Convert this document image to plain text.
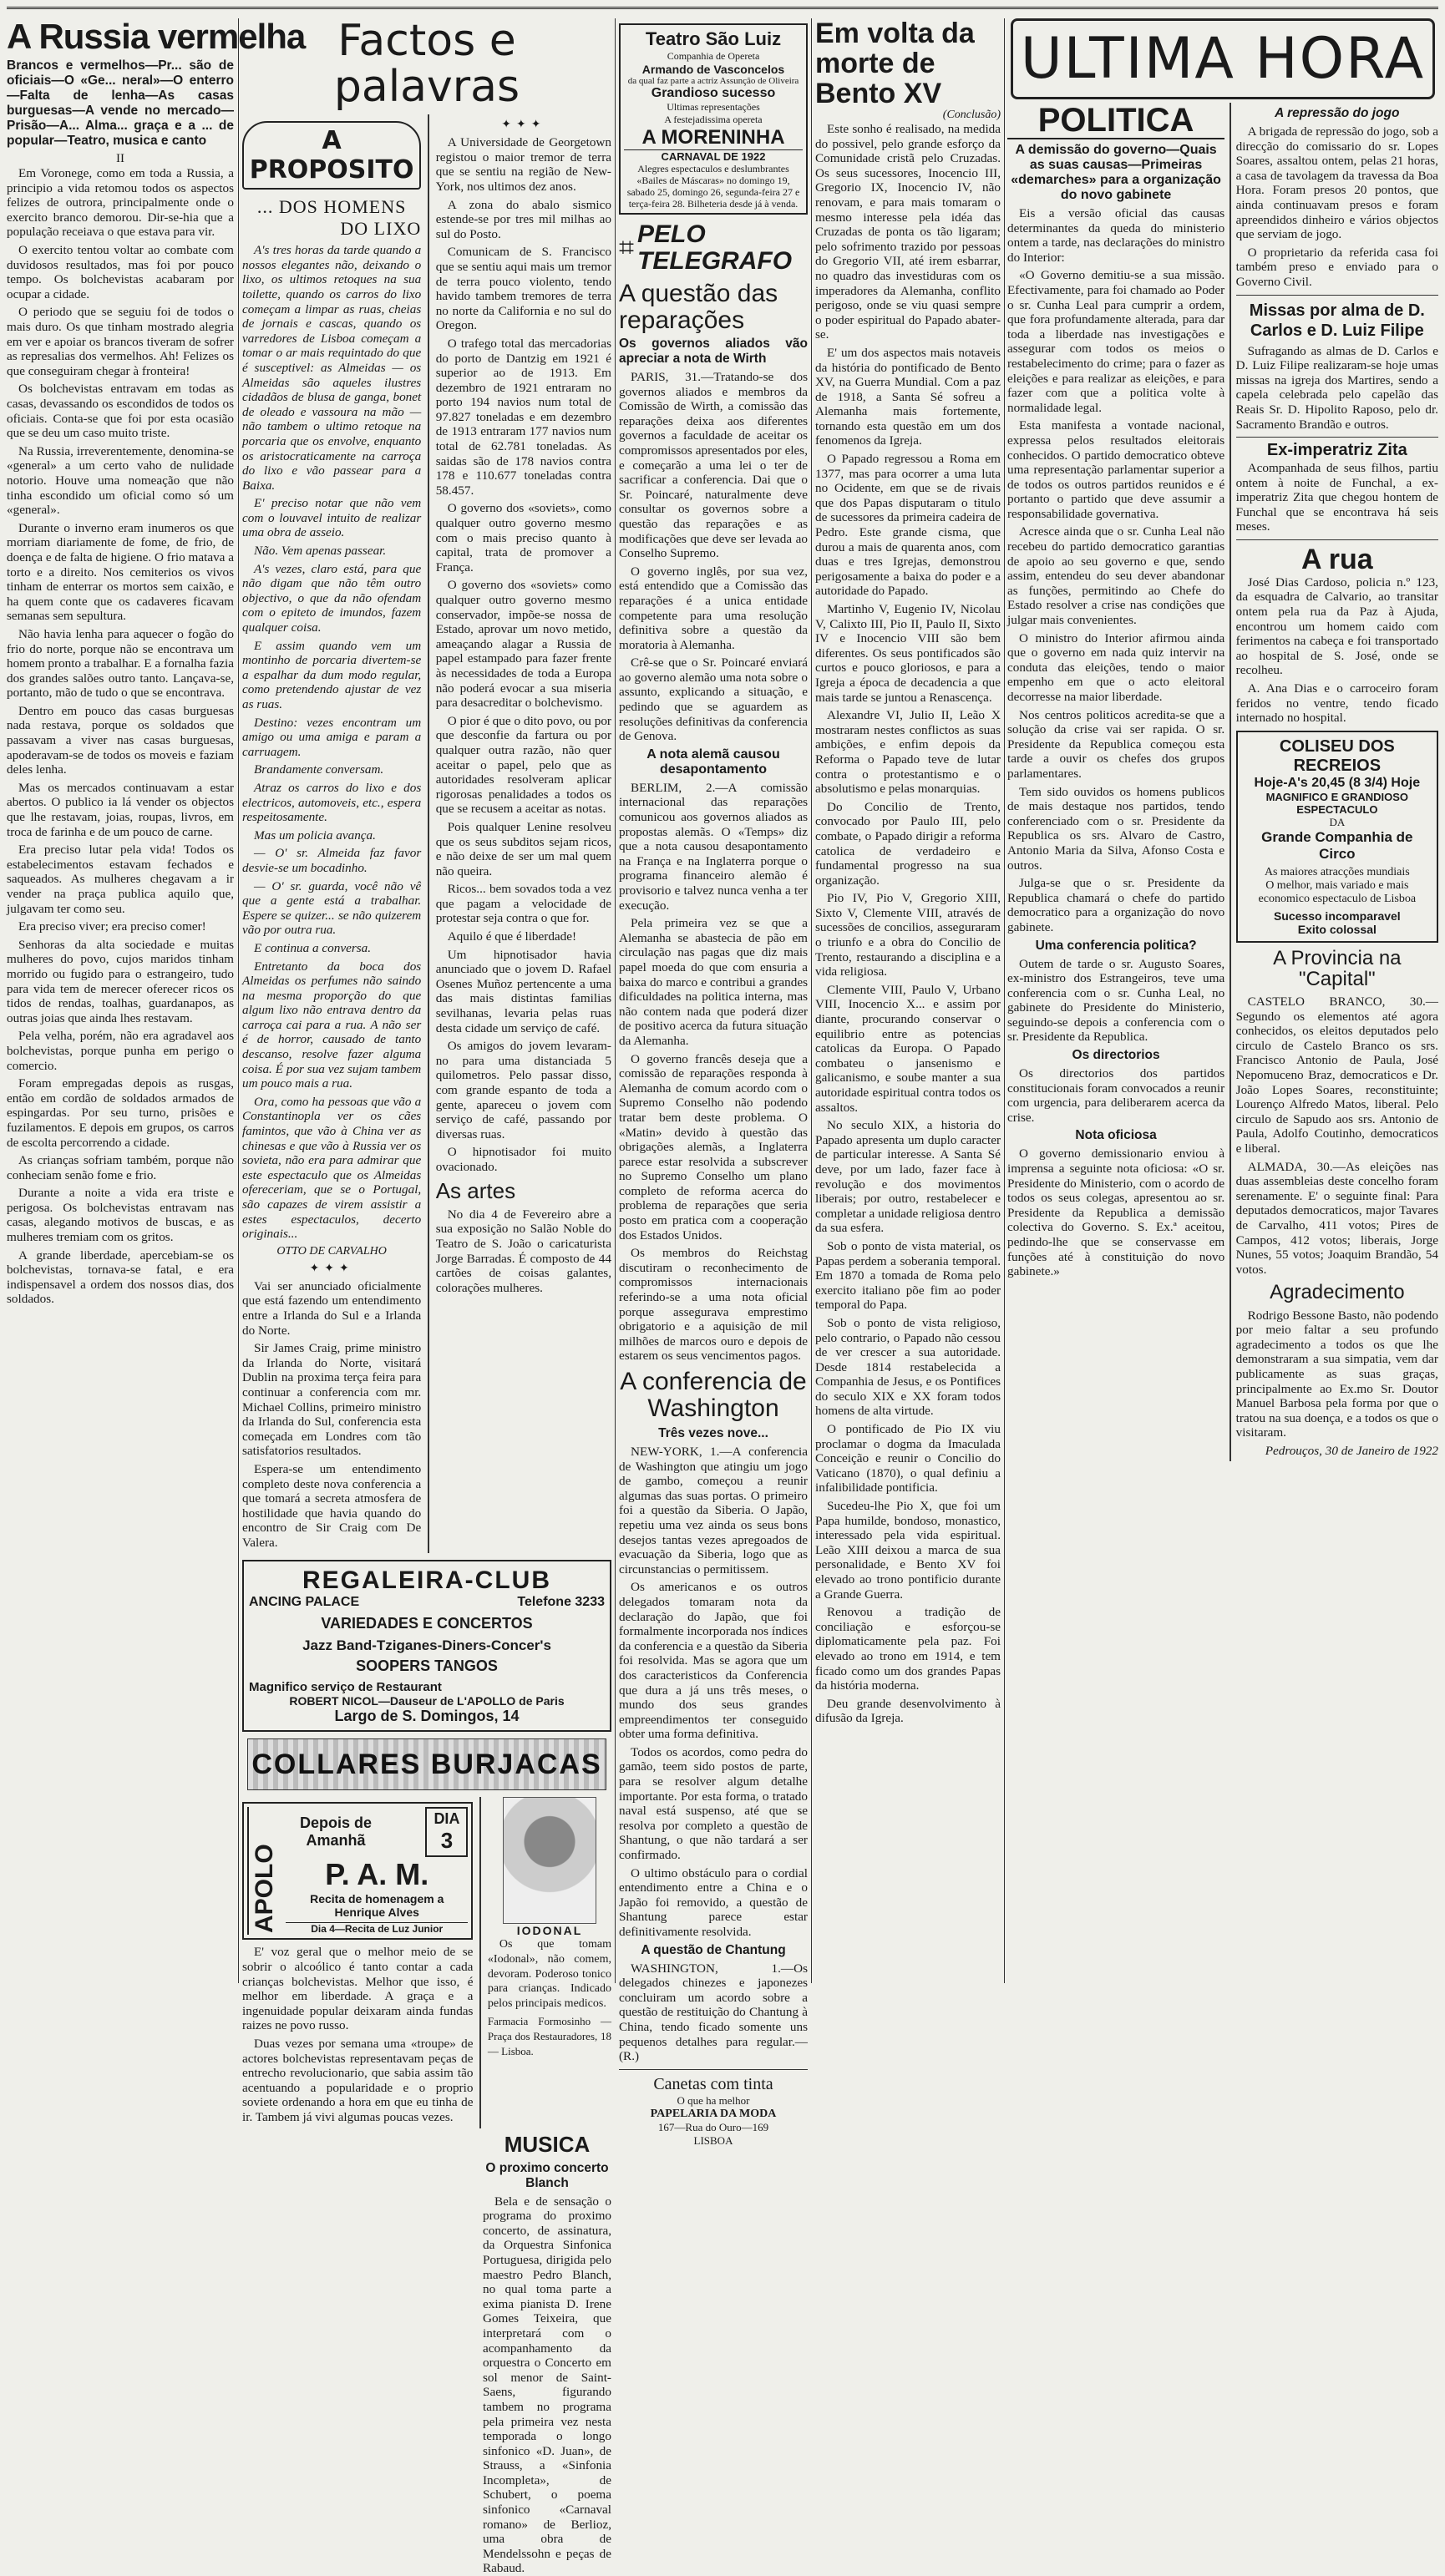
A Russia vermelha

Brancos e vermelhos—Pr... são de oficiais—O «Ge... neral»—O enterro—Falta de lenha—As casas burguesas—A vende no mercado—Prisão—A... Alma... graça e a ... de popular—Teatro, musica e canto

II

Em Voronege, como em toda a Russia, a principio a vida retomou todos os aspectos felizes de outrora, principalmente onde o exercito branco demorou. Dir-se-hia que a população receiava o que estava para vir.

O exercito tentou voltar ao combate com duvidosos resultados, mas foi por pouco tempo. Os bolchevistas acabaram por ocupar a cidade.

O periodo que se seguiu foi de todos o mais duro. Os que tinham mostrado alegria em ver e apoiar os brancos tiveram de sofrer as represalias dos vermelhos. Ah! Felizes os que conseguiram chegar à fronteira!

Os bolchevistas entravam em todas as casas, devassando os escondidos de todos os oficiais. Conta-se que foi por esta ocasião que se deu um caso muito triste.

Na Russia, irreverentemente, denomina-se «general» a um certo vaho de nulidade notorio. Houve uma nomeação que não tinha escondido um oficial como só um «general».

Durante o inverno eram inumeros os que morriam diariamente de fome, de frio, de doença e de falta de higiene. O frio matava a torto e a direito. Nos cemiterios os vivos tinham de enterrar os mortos sem caixão, e ha quem conte que os cadaveres ficavam semanas sem sepultura.

Não havia lenha para aquecer o fogão do frio do norte, porque não se encontrava um homem pronto a trabalhar. E a fornalha fazia dos grandes salões outro tanto. Lançava-se, portanto, mão de tudo o que se encontrava.

Dentro em pouco das casas burguesas nada restava, porque os soldados que passavam a viver nas casas burguesas, apoderavam-se de todos os moveis e faziam deles lenha.

Mas os mercados continuavam a estar abertos. O publico ia lá vender os objectos que lhe restavam, joias, roupas, livros, em troca de farinha e de um pouco de carne.

Era preciso lutar pela vida! Todos os estabelecimentos estavam fechados e saqueados. As mulheres chegavam a ir vender na praça publica aquilo que, julgavam ter como seu.

Era preciso viver; era preciso comer!

Senhoras da alta sociedade e muitas mulheres do povo, cujos maridos tinham morrido ou fugido para o estrangeiro, tudo para vida tem de merecer oferecer ricos os tidos de rendas, toalhas, guardanapos, as outras joias que ainda lhes restavam.

Pela velha, porém, não era agradavel aos bolchevistas, porque punha em perigo o comercio.

Foram empregadas depois as rusgas, então em cordão de soldados armados de espingardas. Por seu turno, prisões e fuzilamentos. E depois em grupos, os carros de escolta percorrendo a cidade.

As crianças sofriam também, porque não conheciam senão fome e frio.

Durante a noite a vida era triste e perigosa. Os bolchevistas entravam nas casas, alegando motivos de buscas, e as mulheres tremiam com os gritos.

A grande liberdade, apercebiam-se os bolchevistas, tornava-se fatal, e era indispensavel a ordem dos nossos dias, dos soldados.

Factos e palavras
A PROPOSITO
... DOS HOMENS
DO LIXO

A's tres horas da tarde quando a nossos elegantes não, deixando o lixo, os ultimos retoques na sua toilette, quando os carros do lixo começam a limpar as ruas, cheias de jornais e cascas, quando os varredores de Lisboa começam a tomar o ar mais requintado do que é susceptivel: as Almeidas — os Almeidas são aqueles ilustres cidadãos de blusa de ganga, bonet de oleado e vassoura na mão — não tambem o ultimo retoque na porcaria que os envolve, enquanto os aristocraticamente na carroça do lixo e vão passear para a Baixa.

E' preciso notar que não vem com o louvavel intuito de realizar uma obra de asseio.

Não. Vem apenas passear.

A's vezes, claro está, para que não digam que não têm outro objectivo, o que da não ofendam com o epiteto de imundos, fazem qualquer coisa.

E assim quando vem um montinho de porcaria divertem-se a espalhar da dum modo regular, como pretendendo ajustar de vez as ruas.

Destino: vezes encontram um amigo ou uma amiga e param a carruagem.

Brandamente conversam.

Atraz os carros do lixo e dos electricos, automoveis, etc., espera respeitosamente.

Mas um policia avança.

— O' sr. Almeida faz favor desvie-se um bocadinho.

— O' sr. guarda, você não vê que a gente está a trabalhar. Espere se quizer... se não quizerem vão por outra rua.

E continua a conversa.

Entretanto da boca dos Almeidas os perfumes não saindo na mesma proporção do que algum lixo não entrava dentro da carroça cai para a rua. A não ser é de horror, causado de tanto descanso, resolve fazer alguma coisa. É por sua vez sujam tambem um pouco mais a rua.

Ora, como ha pessoas que vão a Constantinopla ver os cães famintos, que vão à China ver as chinesas e que vão à Russia ver os sovieta, não era para admirar que este espectaculo que os Almeidas ofereceriam, que se o Portugal, são capazes de virem assistir a estes espectaculos, decerto originais...

OTTO DE CARVALHO
✦✦✦

Vai ser anunciado oficialmente que está fazendo um entendimento entre a Irlanda do Sul e a Irlanda do Norte.

Sir James Craig, prime ministro da Irlanda do Norte, visitará Dublin na proxima terça feira para continuar a conferencia com mr. Michael Collins, primeiro ministro da Irlanda do Sul, conferencia esta começada em Londres com tão satisfatorios resultados.

Espera-se um entendimento completo deste nova conferencia a que tomará a secreta atmosfera de hostilidade que havia quando do encontro de Sir Craig com De Valera.

✦✦✦

A Universidade de Georgetown registou o maior tremor de terra que se sentiu na região de New-York, nos ultimos dez anos.

A zona do abalo sismico estende-se por tres mil milhas ao sul do Posto.

Comunicam de S. Francisco que se sentiu aqui mais um tremor de terra pouco violento, tendo havido tambem tremores de terra no norte da California e no sul do Oregon.

O trafego total das mercadorias do porto de Dantzig em 1921 é superior ao de 1913. Em dezembro de 1921 entraram no porto 194 navios num total de 97.827 toneladas e em dezembro de 1913 entraram 177 navios num total de 62.781 toneladas. As saidas são de 178 navios contra 178 e 110.677 toneladas contra 58.457.

O governo dos «soviets», como qualquer outro governo mesmo com o mais preciso quanto à capital, trata de promover a França.

O governo dos «soviets» como qualquer outro governo mesmo conservador, impõe-se nossa de Estado, aprovar um novo metido, ameaçando alagar a Russia de papel estampado para fazer frente às necessidades de toda a Europa não poderá evocar a sua miseria para desacreditar o bolchevismo.

O pior é que o dito povo, ou por que desconfie da fartura ou por qualquer outra razão, não quer aceitar o papel, pelo que as autoridades resolveram aplicar rigorosas penalidades a todos os que se recusem a aceitar as notas.

Pois qualquer Lenine resolveu que os seus subditos sejam ricos, e não deixe de ser um mal quem não queira.

Ricos... bem sovados toda a vez que pagam a velocidade de protestar seja contra o que for.

Aquilo é que é liberdade!

Um hipnotisador havia anunciado que o jovem D. Rafael Osenes Muñoz pertencente a uma das mais distintas familias sevilhanas, levaria pelas ruas desta cidade um serviço de café.

Os amigos do jovem levaram-no para uma distanciada 5 quilometros. Pelo passar disso, com grande espanto de toda a gente, apareceu o jovem com serviço de café, passando por diversas ruas.

O hipnotisador foi muito ovacionado.

As artes

No dia 4 de Fevereiro abre a sua exposição no Salão Noble do Teatro de S. João o caricaturista Jorge Barradas. É composto de 44 cartões de coisas galantes, colorações mulheres.

REGALEIRA-CLUB
ANCING PALACE	Telefone 3233
VARIEDADES E CONCERTOS
Jazz Band-Tziganes-Diners-Concer's
SOOPERS TANGOS
Magnifico serviço de Restaurant
ROBERT NICOL—Dauseur de L'APOLLO de Paris
Largo de S. Domingos, 14
COLLARES BURJACAS
APOLO
Depois de Amanhã
DIA
3
P. A. M.
Recita de homenagem a Henrique Alves
Dia 4—Recita de Luz Junior

E' voz geral que o melhor meio de se sobrir o alcoólico é tanto contar a cada crianças bolchevistas. Melhor que isso, é melhor em liberdade. A graça e a ingenuidade popular deixaram ainda fundas raizes ne povo russo.

Duas vezes por semana uma «troupe» de actores bolchevistas representavam peças de entrecho revolucionario, que sabia assim tão acentuando a popularidade e o proprio soviete ordenando a hora em que eu tinha de ir. Tambem já vivi algumas poucas vezes.

IODONAL

Os que tomam «Iodonal», não comem, devoram. Poderoso tonico para crianças. Indicado pelos principais medicos.

Farmacia Formosinho — Praça dos Restauradores, 18 — Lisboa.

MUSICA
O proximo concerto Blanch

Bela e de sensação o programa do proximo concerto, de assinatura, da Orquestra Sinfonica Portuguesa, dirigida pelo maestro Pedro Blanch, no qual toma parte a exima pianista D. Irene Gomes Teixeira, que interpretará com o acompanhamento da orquestra o Concerto em sol menor de Saint-Saens, figurando tambem no programa pela primeira vez nesta temporada o longo sinfonico «D. Juan», de Strauss, a «Sinfonia Incompleta», de Schubert, o poema sinfonico «Carnaval romano» de Berlioz, uma obra de Mendelssohn e peças de Rabaud.

Teatro São Luiz
Companhia de Opereta
Armando de Vasconcelos
da qual faz parte a actriz Assunção de Oliveira
Grandioso sucesso
Ultimas representações
A festejadissima opereta
A MORENINHA
CARNAVAL DE 1922
Alegres espectaculos e deslumbrantes «Bailes de Máscaras» no domingo 19, sabado 25, domingo 26, segunda-feira 27 e terça-feira 28. Bilheteria desde já à venda.
⌗ PELO TELEGRAFO
A questão das reparações
Os governos aliados vão apreciar a nota de Wirth

PARIS, 31.—Tratando-se dos governos aliados e membros da Comissão de Wirth, a comissão das reparações deixa aos diferentes governos a faculdade de aceitar os compromissos apresentados por eles, e começarão a uma lei o ter de sacrificar a conferencia. Dai que o Sr. Poincaré, naturalmente deve consultar os governos sobre a questão das reparações e as modificações que deve ser levada ao Conselho Supremo.

O governo inglês, por sua vez, está entendido que a Comissão das reparações é a unica entidade competente para uma resolução definitiva sobre a questão da moratoria à Alemanha.

Crê-se que o Sr. Poincaré enviará ao governo alemão uma nota sobre o assunto, explicando a situação, e pedindo que se aguardem as resoluções definitivas da conferencia de Genova.

A nota alemã causou desapontamento

BERLIM, 2.—A comissão internacional das reparações comunicou aos governos aliados as propostas alemãs. O «Temps» diz que a nota causou desapontamento na França e na Inglaterra porque o programa financeiro alemão é provisorio e talvez nunca venha a ter execução.

Pela primeira vez se que a Alemanha se abastecia de pão em circulação nas pagas que diz mais papel moeda do que com ensuria a baixa do marco e contribui a grandes dificuldades na politica interna, mas não contem nada que poderá dizer de positivo acerca da futura situação da Alemanha.

O governo francês deseja que a comissão de reparações responda à Alemanha de comum acordo com o Supremo Conselho não podendo tratar bem deste problema. O «Matin» devido à questão das obrigações alemãs, a Inglaterra parece estar resolvida a subscrever no Supremo Conselho um plano completo de reforma acerca do problema de reparações que seria posto em pratica com a cooperação dos Estados Unidos.

Os membros do Reichstag discutiram o reconhecimento de compromissos internacionais referindo-se a uma nota oficial porque assegurava emprestimo obrigatorio e a aquisição de mil milhões de marcos ouro e depois de estarem os seus vencimentos pagos.

A conferencia de Washington
Três vezes nove...

NEW-YORK, 1.—A conferencia de Washington que atingiu um jogo de gambo, começou a reunir algumas das suas portas. O primeiro foi a questão da Siberia. O Japão, repetiu uma vez ainda os seus bons desejos tantas vezes apregoados de evacuação da Siberia, logo que as circunstancias o permitissem.

Os americanos e os outros delegados tomaram nota da declaração do Japão, que foi formalmente incorporada nos índices da conferencia e a questão da Siberia foi resolvida. Mas se agora que um dos caracteristicos da Conferencia que dura a já uns três meses, o mundo dos seus grandes empreendimentos ter conseguido obter uma forma definitiva.

Todos os acordos, como pedra do gamão, teem sido postos de parte, para se resolver algum detalhe importante. Por esta forma, o tratado naval está suspenso, até que se resolva por completo a questão de Shantung, o que não tardará a ser confirmado.

O ultimo obstáculo para o cordial entendimento entre a China e o Japão foi removido, a questão de Shantung parece estar definitivamente resolvida.

A questão de Chantung

WASHINGTON, 1.—Os delegados chinezes e japonezes concluiram um acordo sobre a questão de restituição do Chantung à China, tendo ficado somente uns pequenos detalhes para regular.—(R.)

Canetas com tinta
O que ha melhor
PAPELARIA DA MODA
167—Rua do Ouro—169
LISBOA
Em volta da morte de Bento XV
(Conclusão)

Este sonho é realisado, na medida do possivel, pelo grande esforço da Comunidade cristã pelo Cruzadas. Os seus sucessores, Inocencio III, Gregorio IX, Inocencio IV, não renovam, e para mais tomaram o mesmo interesse pela idéa das Cruzadas de ponta os tão ligaram; pelo sofrimento trazido por pessoas do Gregorio VII, até irem esbarrar, no quadro das investiduras com os imperadores da Alemanha, conflito perigoso, onde se viu quasi sempre o poder espiritual do Papado abater-se.

E' um dos aspectos mais notaveis da história do pontificado de Bento XV, na Guerra Mundial. Com a paz de 1918, a Santa Sé sofreu a Alemanha mais fortemente, tornando esta questão em um dos fenomenos da Igreja.

O Papado regressou a Roma em 1377, mas para ocorrer a uma luta no Ocidente, em que se de rivais que dos Papas disputaram o titulo de sucessores da primeira cadeira de Pedro. Este grande cisma, que durou a mais de quarenta anos, com duas e tres Igrejas, demonstrou perigosamente a baixa do poder e a autoridade do Papado.

Martinho V, Eugenio IV, Nicolau V, Calixto III, Pio II, Paulo II, Sixto IV e Inocencio VIII são bem diferentes. Os seus pontificados são curtos e pouco gloriosos, e para a Igreja a época de decadencia a que mais tarde se juntou a Renascença.

Alexandre VI, Julio II, Leão X mostraram nestes conflictos as suas ambições, e enfim depois da Reforma o Papado teve de lutar contra o protestantismo e o absolutismo e pelas monarquias.

Do Concilio de Trento, convocado por Paulo III, pelo combate, o Papado dirigir a reforma catolica de verdadeiro e fundamental progresso na sua organização.

Pio IV, Pio V, Gregorio XIII, Sixto V, Clemente VIII, através de sucessões de concilios, asseguraram o triunfo e a obra do Concilio de Trento, restaurando a disciplina e a vida religiosa.

Clemente VIII, Paulo V, Urbano VIII, Inocencio X... e assim por diante, procurando conservar o equilibrio entre as potencias catolicas da Europa. O Papado combateu o jansenismo e galicanismo, e soube manter a sua autoridade espiritual contra todos os assaltos.

No seculo XIX, a historia do Papado apresenta um duplo caracter de particular interesse. A Santa Sé deve, por um lado, fazer face à revolução e dos movimentos liberais; por outro, restabelecer e completar a unidade religiosa dentro da sua esfera.

Sob o ponto de vista material, os Papas perdem a soberania temporal. Em 1870 a tomada de Roma pelo exercito italiano põe fim ao poder temporal do Papa.

Sob o ponto de vista religioso, pelo contrario, o Papado não cessou de ver crescer a sua autoridade. Desde 1814 restabelecida a Companhia de Jesus, e os Pontifices do seculo XIX e XX foram todos homens de alta virtude.

O pontificado de Pio IX viu proclamar o dogma da Imaculada Conceição e reunir o Concilio do Vaticano (1870), o qual definiu a infalibilidade pontificia.

Sucedeu-lhe Pio X, que foi um Papa humilde, bondoso, monastico, interessado pela vida espiritual. Leão XIII deixou a marca de sua personalidade, e Bento XV foi elevado ao trono pontificio durante a Grande Guerra.

Renovou a tradição de conciliação e esforçou-se diplomaticamente pela paz. Foi elevado ao trono em 1914, e tem ficado como um dos grandes Papas da história moderna.

Deu grande desenvolvimento à difusão da Igreja.

ULTIMA HORA
POLITICA
A demissão do governo—Quais as suas causas—Primeiras «demarches» para a organização do novo gabinete

Eis a versão oficial das causas determinantes da queda do ministerio ontem a tarde, nas declarações do ministro do Interior:

«O Governo demitiu-se a sua missão. Efectivamente, para foi chamado ao Poder o sr. Cunha Leal para cumprir a ordem, que fora profundamente alterada, para dar toda a liberdade nas investigações e assegurar com todos os meios o restabelecimento do crime; para o fazer as eleições e para realizar as eleições, e para fazer com que a politica volte à normalidade legal.

Esta manifesta a vontade nacional, expressa pelos resultados eleitorais conhecidos. O partido democratico obteve uma representação parlamentar superior a de todos os outros partidos reunidos e é portanto o partido que deve assumir a responsabilidade governativa.

Acresce ainda que o sr. Cunha Leal não recebeu do partido democratico garantias de apoio ao seu governo e que, sendo assim, entendeu do seu dever abandonar as funções, permitindo ao Chefe do Estado resolver a crise nas condições que julgar mais convenientes.

O ministro do Interior afirmou ainda que o governo em nada quiz intervir na conduta das eleições, tendo o maior empenho em que o acto eleitoral decorresse na maior liberdade.

Nos centros politicos acredita-se que a solução da crise vai ser rapida. O sr. Presidente da Republica começou esta tarde a ouvir os chefes dos grupos parlamentares.

Tem sido ouvidos os homens publicos de mais destaque nos partidos, tendo conferenciado com o sr. Presidente da Republica os srs. Alvaro de Castro, Antonio Maria da Silva, Afonso Costa e outros.

Julga-se que o sr. Presidente da Republica chamará o chefe do partido democratico para a organização do novo gabinete.

Uma conferencia politica?

Outem de tarde o sr. Augusto Soares, ex-ministro dos Estrangeiros, teve uma conferencia com o sr. Cunha Leal, no gabinete do Presidente do Ministerio, seguindo-se depois a conferencia com o sr. Presidente da Republica.

Os directorios

Os directorios dos partidos constitucionais foram convocados a reunir com urgencia, para deliberarem acerca da crise.

Nota oficiosa

O governo demissionario enviou à imprensa a seguinte nota oficiosa: «O sr. Presidente do Ministerio, com o acordo de todos os seus colegas, apresentou ao sr. Presidente da Republica a demissão colectiva do Governo. S. Ex.ª aceitou, pedindo-lhe que se conservasse em funções até à constituição do novo gabinete.»

A repressão do jogo

A brigada de repressão do jogo, sob a direcção do comissario do sr. Lopes Soares, assaltou ontem, pelas 21 horas, a casa de tavolagem da travessa da Boa Hora. Foram presos 20 pontos, que ainda continuavam presos e foram apreendidos dinheiro e vários objectos que serviam de jogo.

O proprietario da referida casa foi também preso e enviado para o Governo Civil.

Missas por alma de D. Carlos e D. Luiz Filipe

Sufragando as almas de D. Carlos e D. Luiz Filipe realizaram-se hoje umas missas na igreja dos Martires, sendo a capela celebrada pelo capelão das Reais Sr. D. Hipolito Raposo, pelo dr. Sacramento Brandão e outros.

Ex-imperatriz Zita

Acompanhada de seus filhos, partiu ontem à noite de Funchal, a ex-imperatriz Zita que chegou hontem de Funchal que se encontrava há seis meses.

A rua

José Dias Cardoso, policia n.º 123, da esquadra de Calvario, ao transitar ontem pela rua da Paz à Ajuda, encontrou um homem caido com ferimentos na cabeça e foi transportado ao hospital de S. José, onde se recolheu.

A. Ana Dias e o carroceiro foram feridos no ventre, tendo ficado internado no hospital.

COLISEU DOS RECREIOS
Hoje-A's 20,45 (8 3/4) Hoje
MAGNIFICO E GRANDIOSO ESPECTACULO
DA
Grande Companhia de Circo
As maiores atracções mundiais
O melhor, mais variado e mais economico espectaculo de Lisboa
Sucesso incomparavel
Exito colossal
A Provincia na "Capital"

CASTELO BRANCO, 30.—Segundo os elementos até agora conhecidos, os eleitos deputados pelo circulo de Castelo Branco os srs. Francisco Antonio de Paula, José Nepomuceno Braz, democraticos e Dr. João Lopes Soares, reconstituinte; Lourenço Alfredo Matos, liberal. Pelo circulo de Sapudo aos srs. Antonio de Paula, Adolfo Coutinho, democraticos e liberal.

ALMADA, 30.—As eleições nas duas assembleias deste concelho foram serenamente. E' o seguinte final: Para deputados democraticos, major Tavares de Carvalho, 411 votos; Pires de Campos, 412 votos; liberais, Jorge Nunes, 55 votos; Joaquim Brandão, 54 votos.

Agradecimento

Rodrigo Bessone Basto, não podendo por meio faltar a seu profundo agradecimento a todos os que lhe demonstraram a sua simpatia, vem dar publicamente as suas graças, principalmente ao Ex.mo Sr. Doutor Manuel Barbosa pela forma por que o tratou na sua doença, e a todos os que o visitaram.

Pedrouços, 30 de Janeiro de 1922
